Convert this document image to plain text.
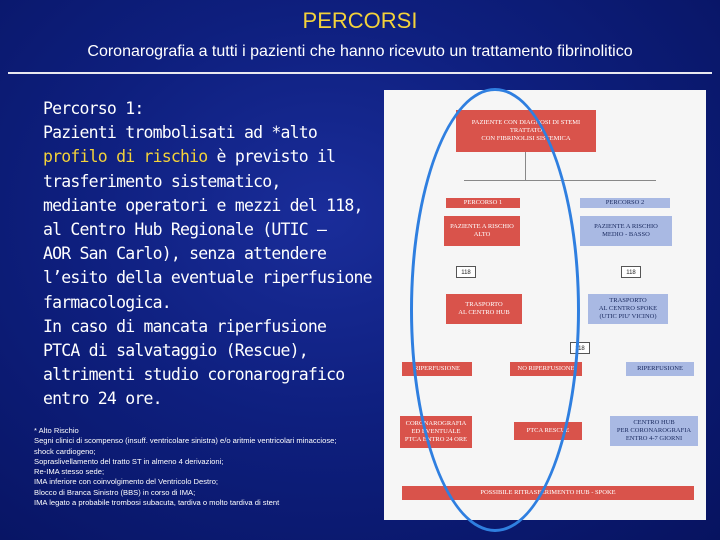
PERCORSI
Coronarografia a tutti i pazienti che hanno ricevuto un trattamento fibrinolitico
Percorso 1:
Pazienti trombolisati ad *alto
profilo di rischio è previsto il
trasferimento sistematico,
mediante operatori e mezzi del 118,
al Centro Hub Regionale (UTIC –
AOR San Carlo), senza attendere
l’esito della eventuale riperfusione
farmacologica.
In caso di mancata riperfusione
PTCA di salvataggio (Rescue),
altrimenti studio coronarografico
entro 24 ore.
* Alto Rischio
Segni clinici di scompenso (insuff. ventricolare sinistra) e/o aritmie ventricolari minacciose;
shock cardiogeno;
Sopraslivellamento del tratto ST in almeno 4 derivazioni;
Re-IMA stesso sede;
IMA inferiore con coinvolgimento del Ventricolo Destro;
Blocco di Branca Sinistro (BBS) in corso di IMA;
IMA legato a probabile trombosi subacuta, tardiva o molto tardiva di stent
PAZIENTE CON DIAGNOSI DI STEMI
TRATTATO
CON FIBRINOLISI SISTEMICA
PERCORSO 1	PERCORSO 2
PAZIENTE A RISCHIO
ALTO
PAZIENTE A RISCHIO
MEDIO - BASSO
118	118
TRASPORTO
AL CENTRO HUB
TRASPORTO
AL CENTRO SPOKE
(UTIC PIU' VICINO)
118
RIPERFUSIONE	NO RIPERFUSIONE	RIPERFUSIONE
CORONAROGRAFIA
ED EVENTUALE
PTCA ENTRO 24 ORE
PTCA RESCUE
CENTRO HUB
PER CORONAROGRAFIA
ENTRO 4-7 GIORNI
POSSIBILE RITRASFERIMENTO HUB - SPOKE
